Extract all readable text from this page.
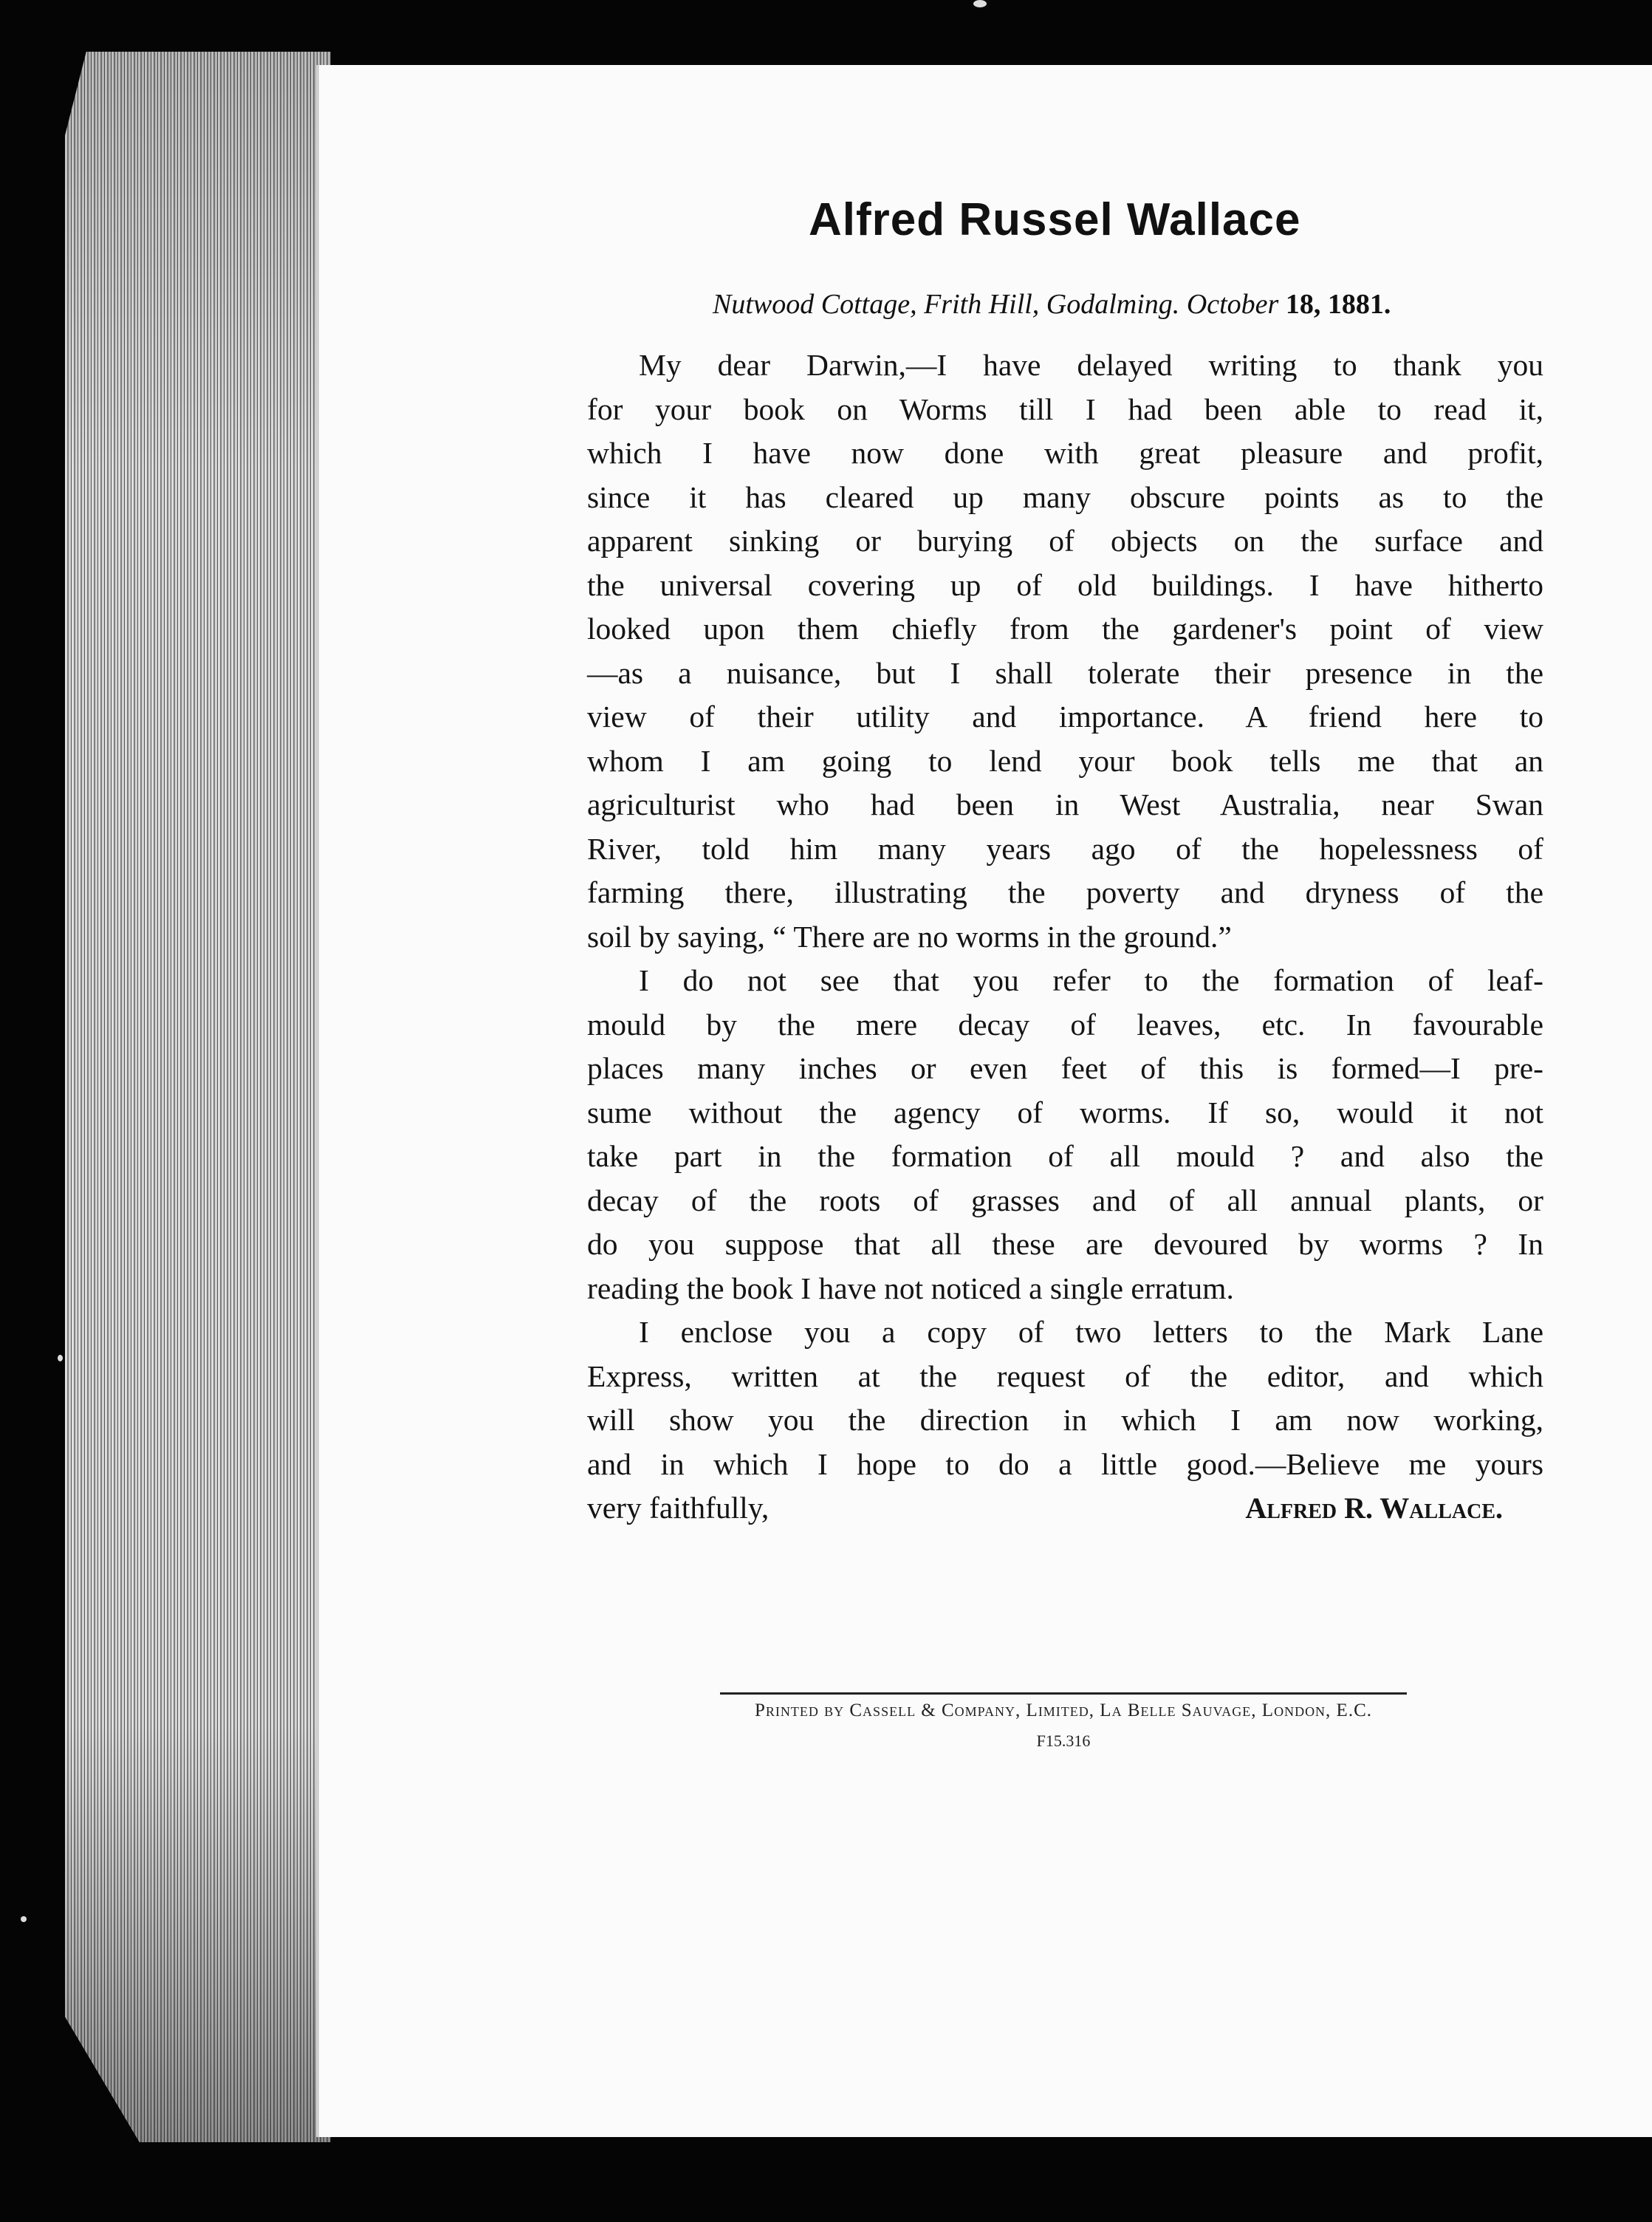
Alfred Russel Wallace
Nutwood Cottage, Frith Hill, Godalming. October 18, 1881.
My dear Darwin,—I have delayed writing to thank you
for your book on Worms till I had been able to read it,
which I have now done with great pleasure and profit,
since it has cleared up many obscure points as to the
apparent sinking or burying of objects on the surface and
the universal covering up of old buildings. I have hitherto
looked upon them chiefly from the gardener's point of view
—as a nuisance, but I shall tolerate their presence in the
view of their utility and importance. A friend here to
whom I am going to lend your book tells me that an
agriculturist who had been in West Australia, near Swan
River, told him many years ago of the hopelessness of
farming there, illustrating the poverty and dryness of the
soil by saying, “ There are no worms in the ground.”
I do not see that you refer to the formation of leaf-
mould by the mere decay of leaves, etc. In favourable
places many inches or even feet of this is formed—I pre-
sume without the agency of worms. If so, would it not
take part in the formation of all mould ? and also the
decay of the roots of grasses and of all annual plants, or
do you suppose that all these are devoured by worms ? In
reading the book I have not noticed a single erratum.
I enclose you a copy of two letters to the Mark Lane
Express, written at the request of the editor, and which
will show you the direction in which I am now working,
and in which I hope to do a little good.—Believe me yours
very faithfully,	Alfred R. Wallace.
Printed by Cassell & Company, Limited, La Belle Sauvage, London, E.C.
F15.316
